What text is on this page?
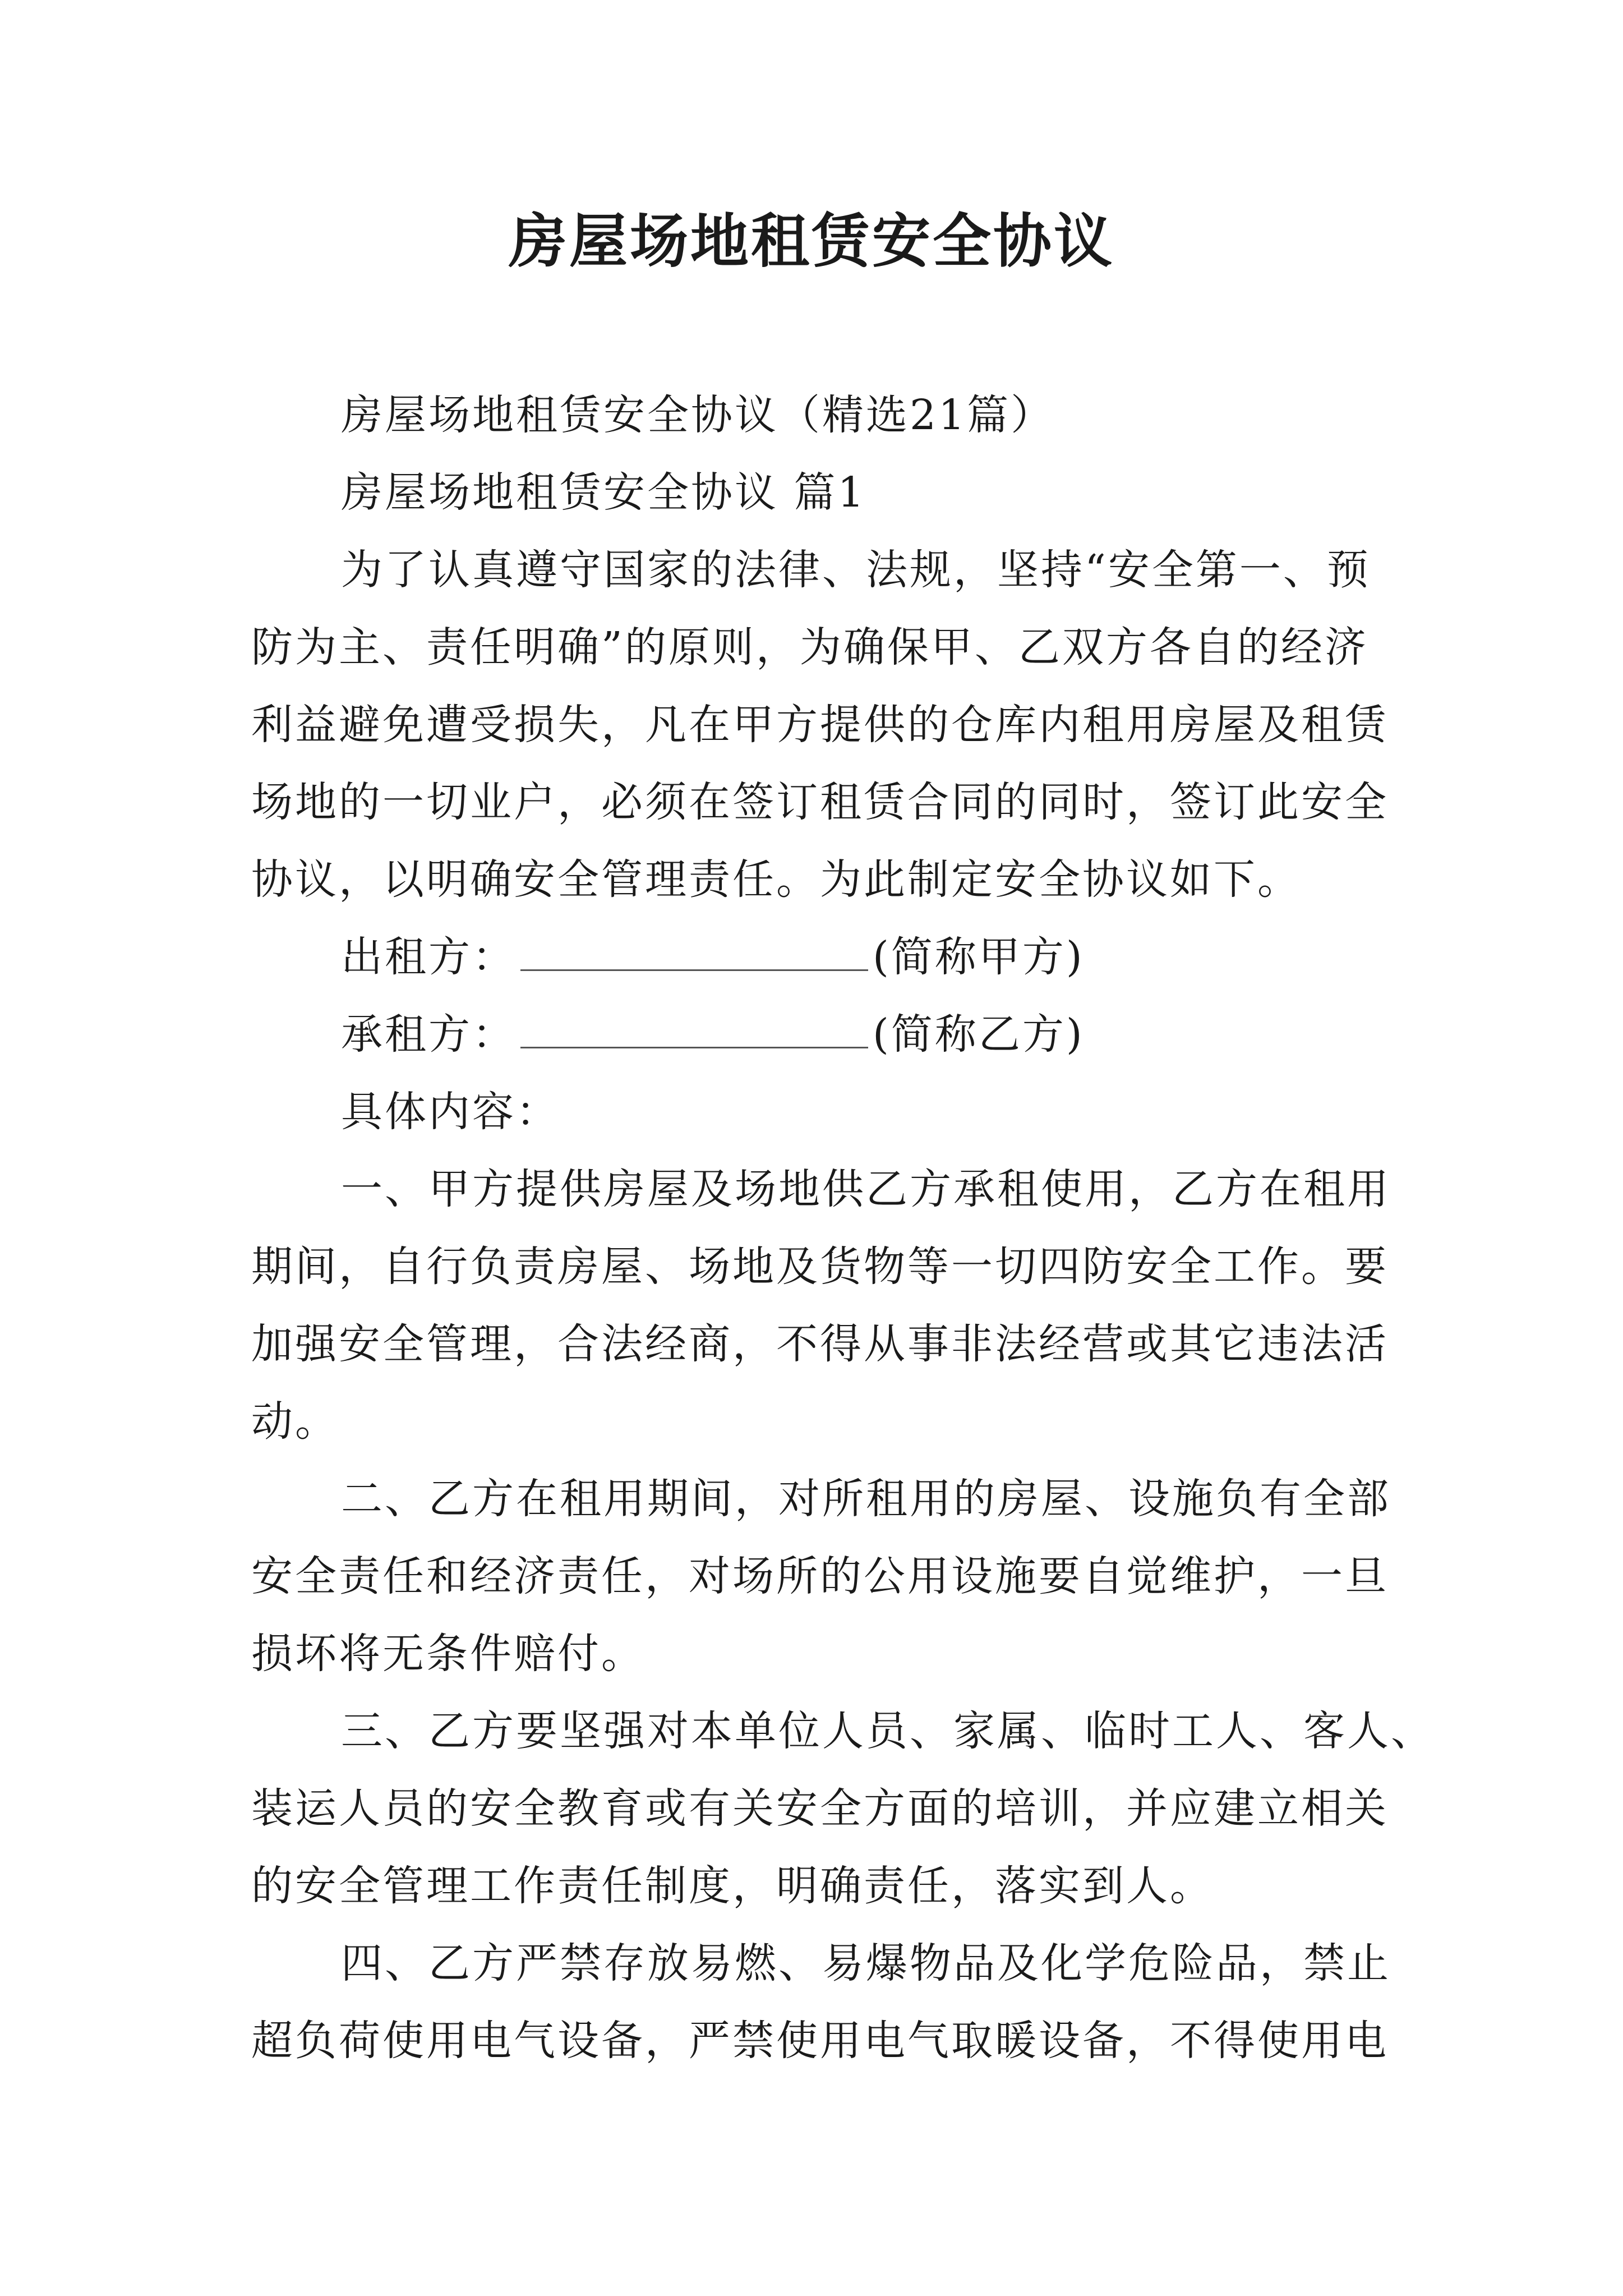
房屋场地租赁安全协议

房屋场地租赁安全协议（精选21篇）

房屋场地租赁安全协议 篇1

为了认真遵守国家的法律、法规，坚持“安全第一、预

防为主、责任明确”的原则，为确保甲、乙双方各自的经济

利益避免遭受损失，凡在甲方提供的仓库内租用房屋及租赁

场地的一切业户，必须在签订租赁合同的同时，签订此安全

协议，以明确安全管理责任。为此制定安全协议如下。

出租方：	(简称甲方)

承租方：	(简称乙方)

具体内容：

一、甲方提供房屋及场地供乙方承租使用，乙方在租用

期间，自行负责房屋、场地及货物等一切四防安全工作。要

加强安全管理，合法经商，不得从事非法经营或其它违法活

动。

二、乙方在租用期间，对所租用的房屋、设施负有全部

安全责任和经济责任，对场所的公用设施要自觉维护，一旦

损坏将无条件赔付。

三、乙方要坚强对本单位人员、家属、临时工人、客人、

装运人员的安全教育或有关安全方面的培训，并应建立相关

的安全管理工作责任制度，明确责任，落实到人。

四、乙方严禁存放易燃、易爆物品及化学危险品，禁止

超负荷使用电气设备，严禁使用电气取暖设备，不得使用电
